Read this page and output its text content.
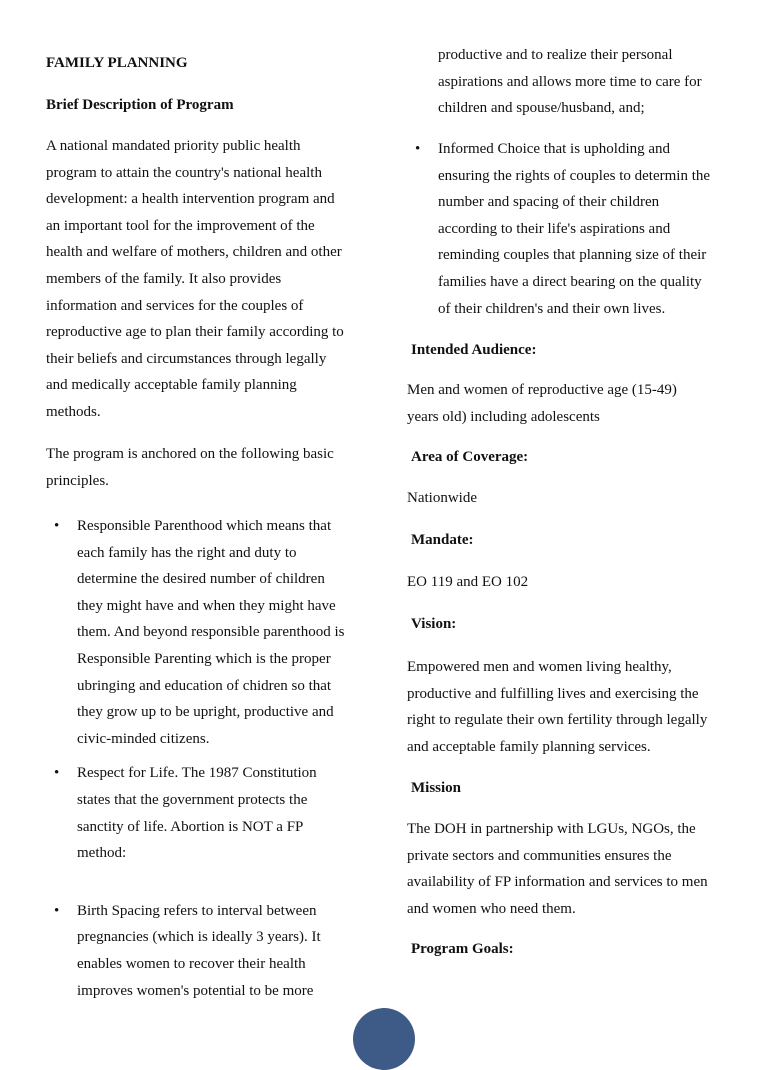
FAMILY PLANNING

Brief Description of Program

A national mandated priority public health

program to attain the country's national health

development: a health intervention program and

an important tool for the improvement of the

health and welfare of mothers, children and other

members of the family. It also provides

information and services for the couples of

reproductive age to plan their family according to

their beliefs and circumstances through legally

and medically acceptable family planning

methods.

The program is anchored on the following basic

principles.

• Responsible Parenthood which means that

each family has the right and duty to

determine the desired number of children

they might have and when they might have

them. And beyond responsible parenthood is

Responsible Parenting which is the proper

ubringing and education of chidren so that

they grow up to be upright, productive and

civic-minded citizens.

• Respect for Life. The 1987 Constitution

states that the government protects the

sanctity of life. Abortion is NOT a FP

method:

• Birth Spacing refers to interval between

pregnancies (which is ideally 3 years). It

enables women to recover their health

improves women's potential to be more

productive and to realize their personal

aspirations and allows more time to care for

children and spouse/husband, and;

• Informed Choice that is upholding and

ensuring the rights of couples to determin the

number and spacing of their children

according to their life's aspirations and

reminding couples that planning size of their

families have a direct bearing on the quality

of their children's and their own lives.

Intended Audience:

Men and women of reproductive age (15-49)

years old) including adolescents

Area of Coverage:

Nationwide

Mandate:

EO 119 and EO 102

Vision:

Empowered men and women living healthy,

productive and fulfilling lives and exercising the

right to regulate their own fertility through legally

and acceptable family planning services.

Mission

The DOH in partnership with LGUs, NGOs, the

private sectors and communities ensures the

availability of FP information and services to men

and women who need them.

Program Goals:
